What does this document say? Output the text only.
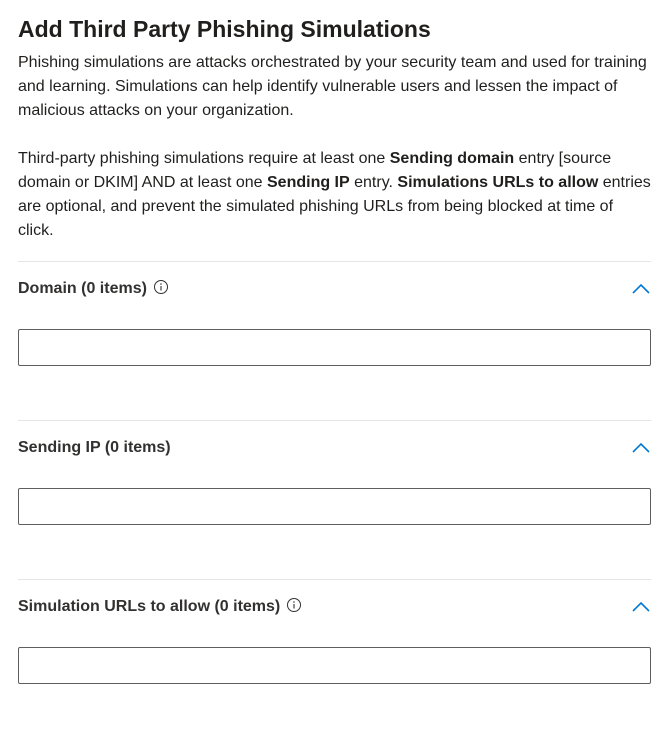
Add Third Party Phishing Simulations

Phishing simulations are attacks orchestrated by your security team and used for training and learning. Simulations can help identify vulnerable users and lessen the impact of malicious attacks on your organization.

Third-party phishing simulations require at least one Sending domain entry [source domain or DKIM] AND at least one Sending IP entry. Simulations URLs to allow entries are optional, and prevent the simulated phishing URLs from being blocked at time of click.

Domain (0 items)
Sending IP (0 items)
Simulation URLs to allow (0 items)
